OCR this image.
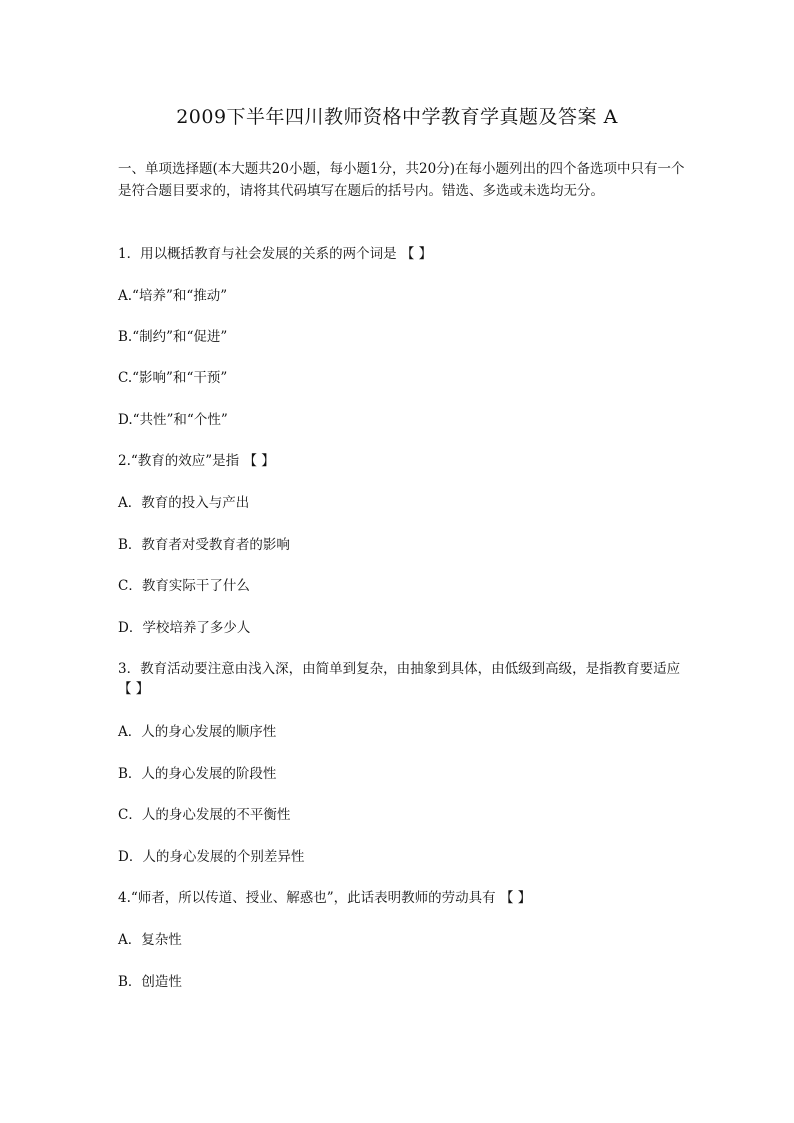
2009下半年四川教师资格中学教育学真题及答案 A
一、单项选择题(本大题共20小题，每小题1分，共20分)在每小题列出的四个备选项中只有一个是符合题目要求的，请将其代码填写在题后的括号内。错选、多选或未选均无分。
1．用以概括教育与社会发展的关系的两个词是 【 】
A.“培养”和“推动”
B.“制约”和“促进”
C.“影响”和“干预”
D.“共性”和“个性”
2.“教育的效应”是指 【 】
A．教育的投入与产出
B．教育者对受教育者的影响
C．教育实际干了什么
D．学校培养了多少人
3．教育活动要注意由浅入深，由简单到复杂，由抽象到具体，由低级到高级，是指教育要适应 【 】
A．人的身心发展的顺序性
B．人的身心发展的阶段性
C．人的身心发展的不平衡性
D．人的身心发展的个别差异性
4.“师者，所以传道、授业、解惑也”，此话表明教师的劳动具有 【 】
A．复杂性
B．创造性
